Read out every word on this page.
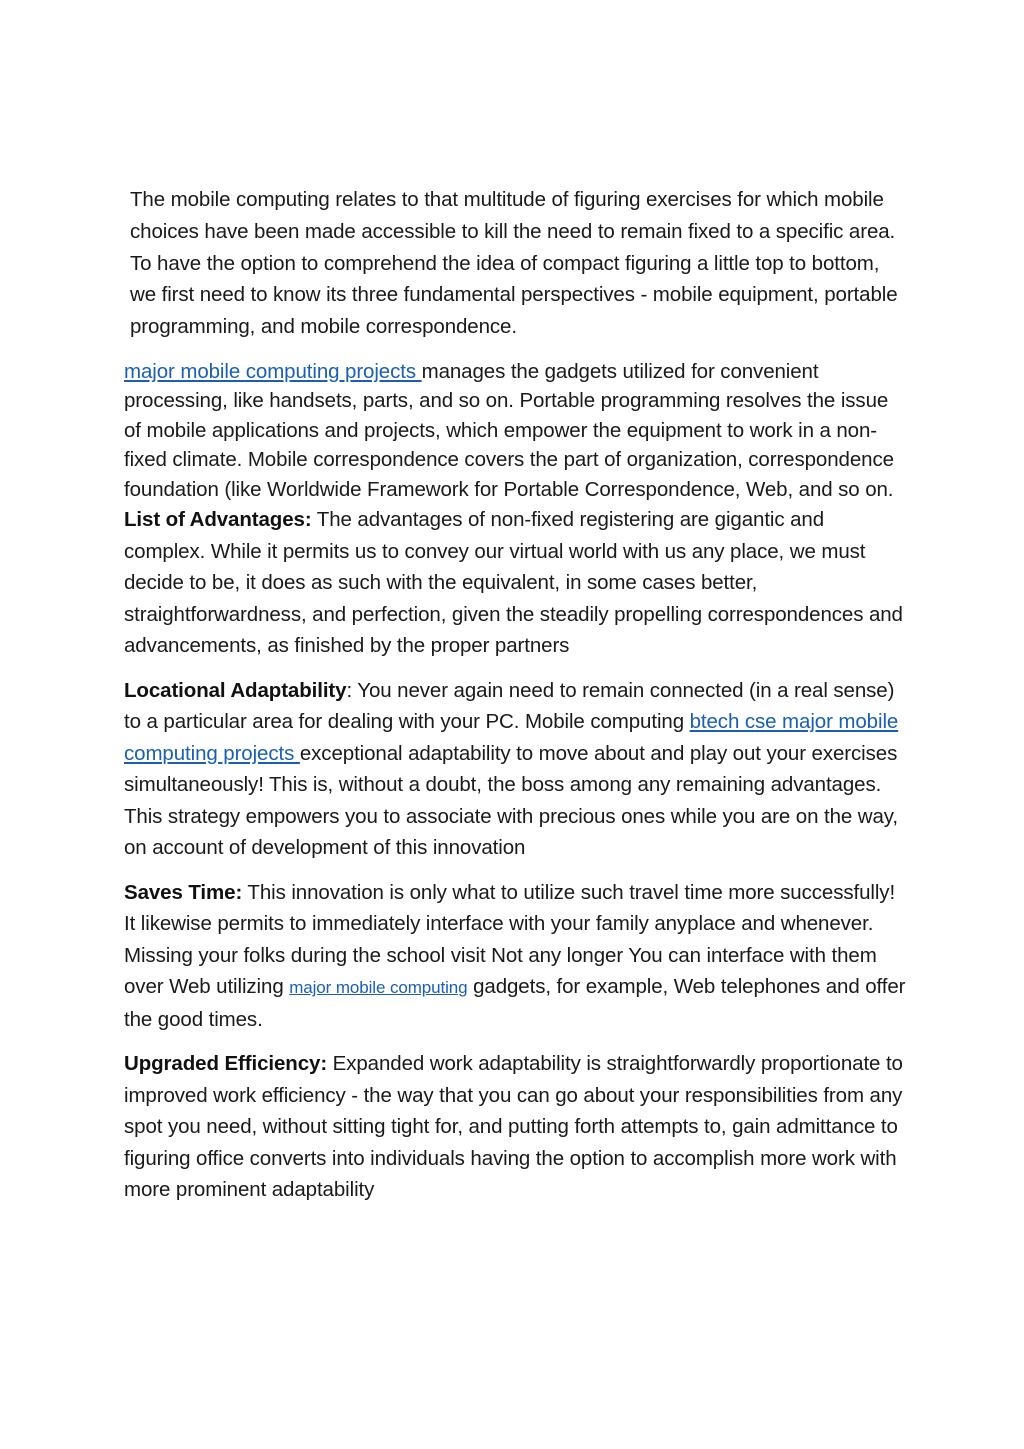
The mobile computing relates to that multitude of figuring exercises for which mobile choices have been made accessible to kill the need to remain fixed to a specific area. To have the option to comprehend the idea of compact figuring a little top to bottom, we first need to know its three fundamental perspectives - mobile equipment, portable programming, and mobile correspondence.

major mobile computing projects manages the gadgets utilized for convenient processing, like handsets, parts, and so on. Portable programming resolves the issue of mobile applications and projects, which empower the equipment to work in a non-fixed climate. Mobile correspondence covers the part of organization, correspondence foundation (like Worldwide Framework for Portable Correspondence, Web, and so on.

List of Advantages: The advantages of non-fixed registering are gigantic and complex. While it permits us to convey our virtual world with us any place, we must decide to be, it does as such with the equivalent, in some cases better, straightforwardness, and perfection, given the steadily propelling correspondences and advancements, as finished by the proper partners

Locational Adaptability: You never again need to remain connected (in a real sense) to a particular area for dealing with your PC. Mobile computing btech cse major mobile computing projects exceptional adaptability to move about and play out your exercises simultaneously! This is, without a doubt, the boss among any remaining advantages. This strategy empowers you to associate with precious ones while you are on the way, on account of development of this innovation

Saves Time: This innovation is only what to utilize such travel time more successfully! It likewise permits to immediately interface with your family anyplace and whenever. Missing your folks during the school visit Not any longer You can interface with them over Web utilizing major mobile computing gadgets, for example, Web telephones and offer the good times.

Upgraded Efficiency: Expanded work adaptability is straightforwardly proportionate to improved work efficiency - the way that you can go about your responsibilities from any spot you need, without sitting tight for, and putting forth attempts to, gain admittance to figuring office converts into individuals having the option to accomplish more work with more prominent adaptability
